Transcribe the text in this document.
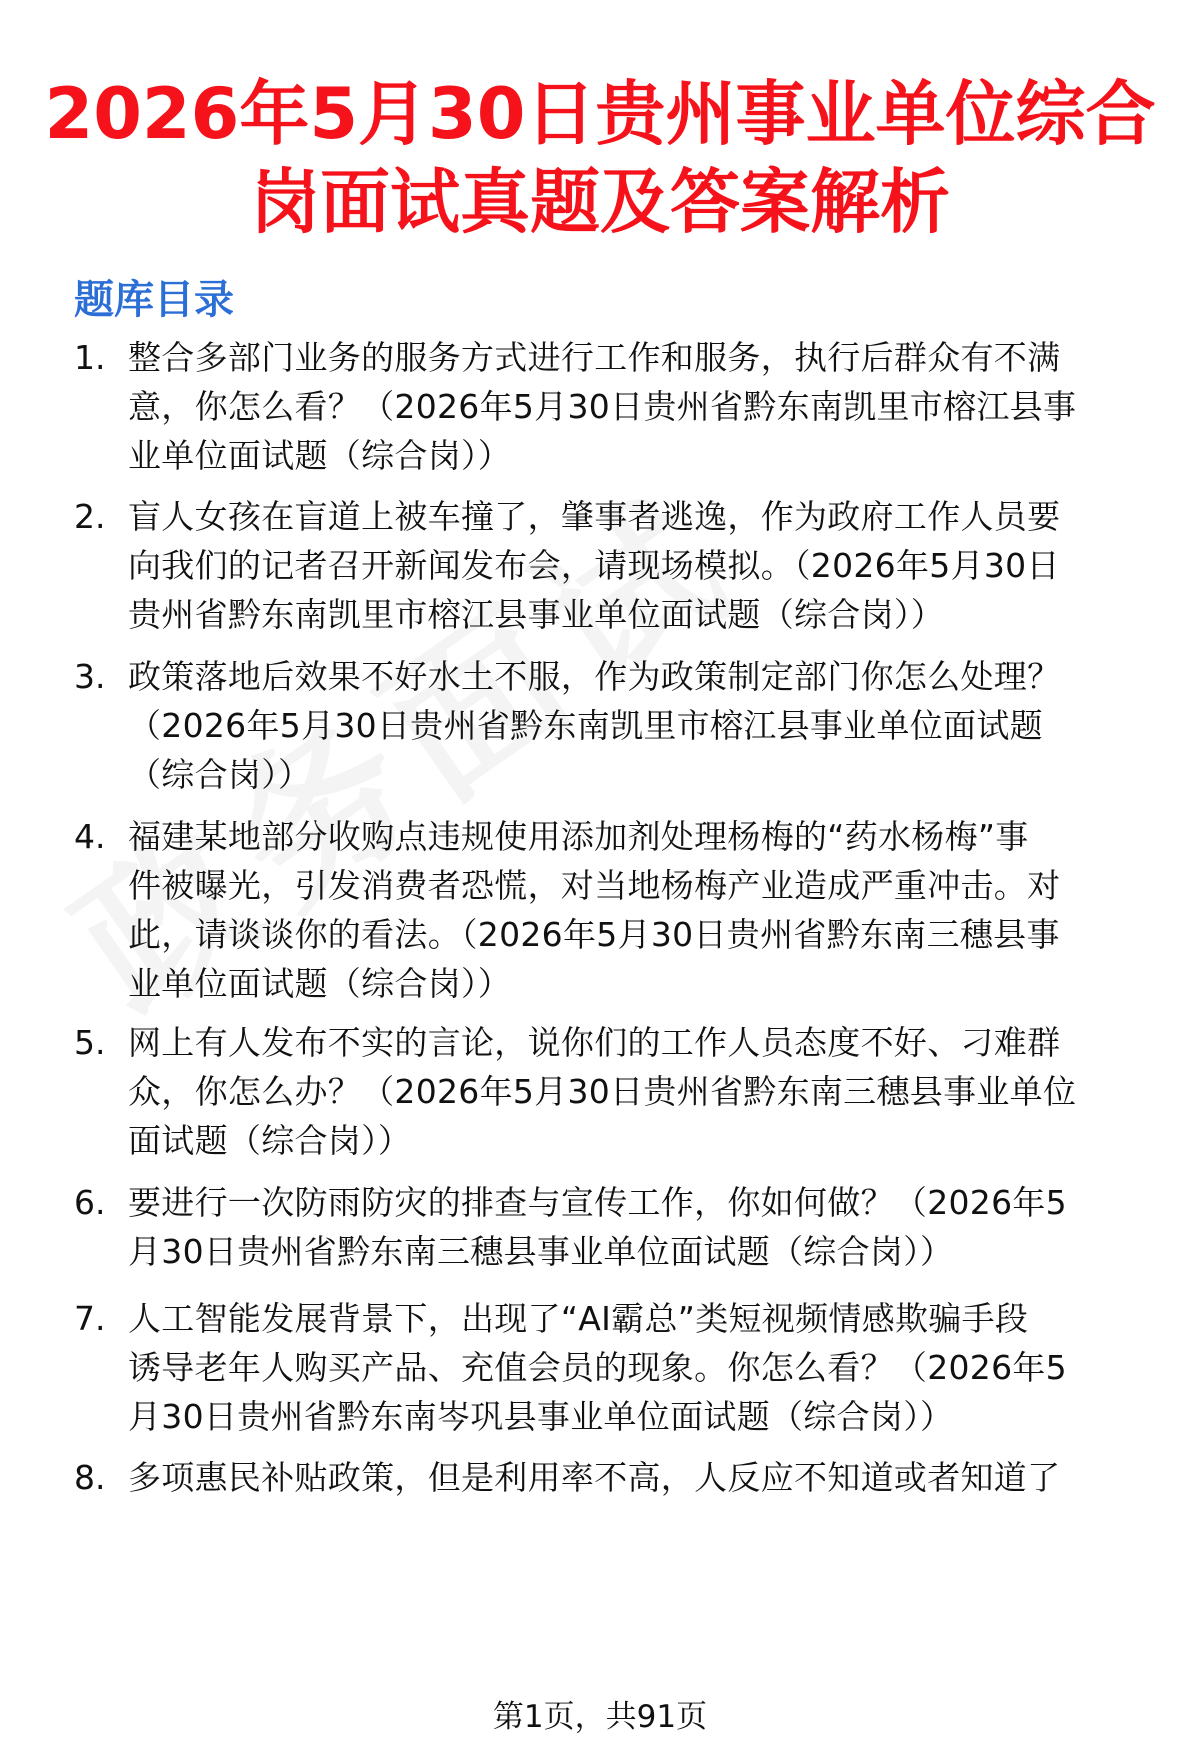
2026年5月30日贵州事业单位综合
岗面试真题及答案解析
题库目录
1. 整合多部门业务的服务方式进行工作和服务，执行后群众有不满
意，你怎么看？（2026年5月30日贵州省黔东南凯里市榕江县事
业单位面试题（综合岗））
2. 盲人女孩在盲道上被车撞了，肇事者逃逸，作为政府工作人员要
向我们的记者召开新闻发布会，请现场模拟。（2026年5月30日
贵州省黔东南凯里市榕江县事业单位面试题（综合岗））
3. 政策落地后效果不好水土不服，作为政策制定部门你怎么处理？
（2026年5月30日贵州省黔东南凯里市榕江县事业单位面试题
（综合岗））
4. 福建某地部分收购点违规使用添加剂处理杨梅的“药水杨梅”事
件被曝光，引发消费者恐慌，对当地杨梅产业造成严重冲击。对
此，请谈谈你的看法。（2026年5月30日贵州省黔东南三穗县事
业单位面试题（综合岗））
5. 网上有人发布不实的言论，说你们的工作人员态度不好、刁难群
众，你怎么办？（2026年5月30日贵州省黔东南三穗县事业单位
面试题（综合岗））
6. 要进行一次防雨防灾的排查与宣传工作，你如何做？（2026年5
月30日贵州省黔东南三穗县事业单位面试题（综合岗））
7. 人工智能发展背景下，出现了“AI霸总”类短视频情感欺骗手段
诱导老年人购买产品、充值会员的现象。你怎么看？（2026年5
月30日贵州省黔东南岑巩县事业单位面试题（综合岗））
8. 多项惠民补贴政策，但是利用率不高，人反应不知道或者知道了
第1页，共91页
